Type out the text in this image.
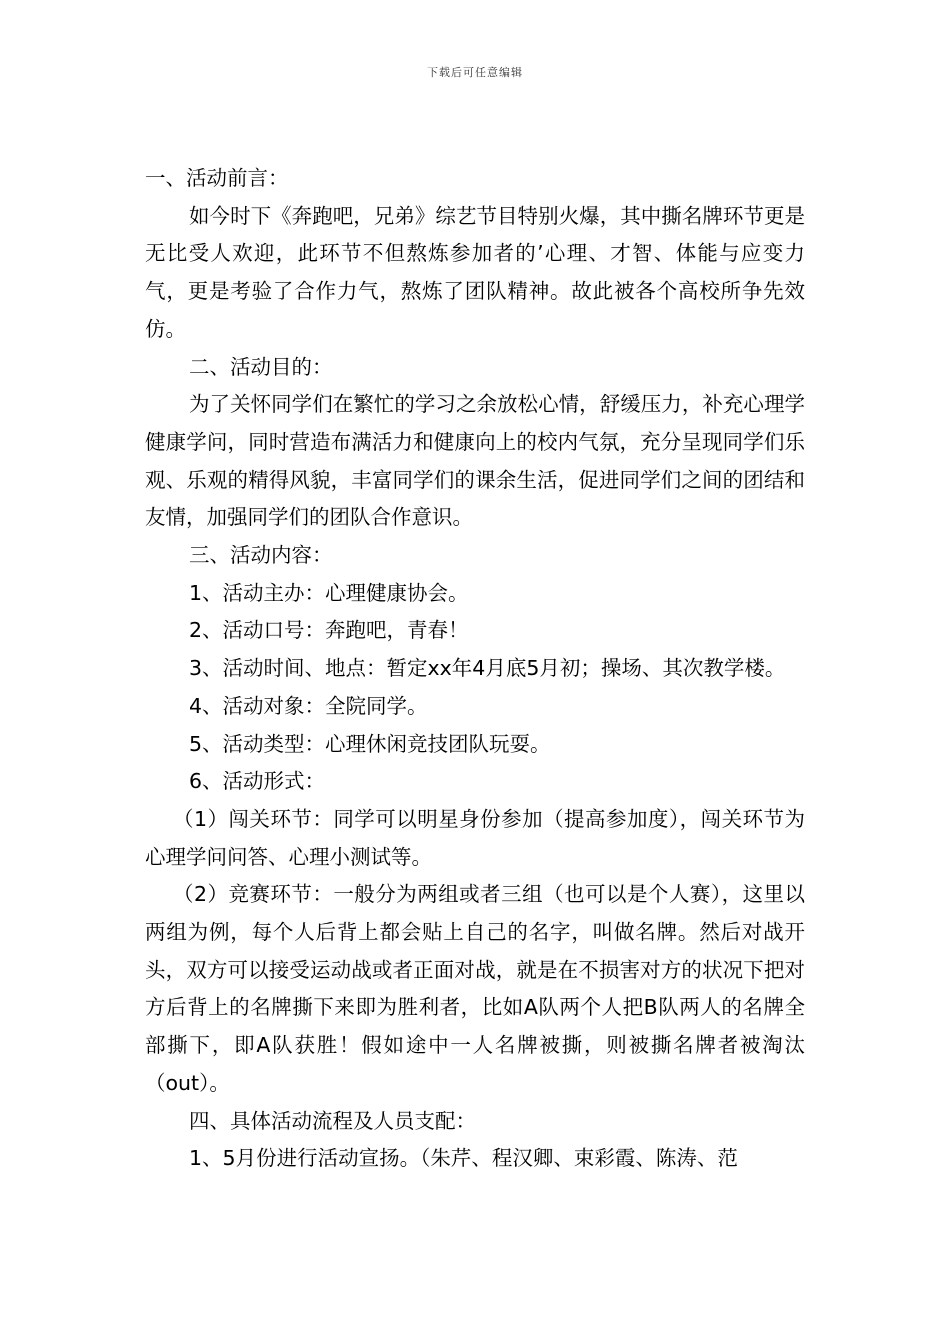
下载后可任意编辑

一、活动前言：

如今时下《奔跑吧，兄弟》综艺节目特别火爆，其中撕名牌环节更是无比受人欢迎，此环节不但熬炼参加者的’心理、才智、体能与应变力气，更是考验了合作力气，熬炼了团队精神。故此被各个高校所争先效仿。

二、活动目的：

为了关怀同学们在繁忙的学习之余放松心情，舒缓压力，补充心理学健康学问，同时营造布满活力和健康向上的校内气氛，充分呈现同学们乐观、乐观的精得风貌，丰富同学们的课余生活，促进同学们之间的团结和友情，加强同学们的团队合作意识。

三、活动内容：

1、活动主办：心理健康协会。

2、活动口号：奔跑吧，青春！

3、活动时间、地点：暂定xx年4月底5月初；操场、其次教学楼。

4、活动对象：全院同学。

5、活动类型：心理休闲竞技团队玩耍。

6、活动形式：

（1）闯关环节：同学可以明星身份参加（提高参加度），闯关环节为心理学问问答、心理小测试等。

（2）竞赛环节：一般分为两组或者三组（也可以是个人赛），这里以两组为例，每个人后背上都会贴上自己的名字，叫做名牌。然后对战开头，双方可以接受运动战或者正面对战，就是在不损害对方的状况下把对方后背上的名牌撕下来即为胜利者，比如A队两个人把B队两人的名牌全部撕下，即A队获胜！假如途中一人名牌被撕，则被撕名牌者被淘汰（out）。

四、具体活动流程及人员支配：

1、5月份进行活动宣扬。（朱芹、程汉卿、束彩霞、陈涛、范
